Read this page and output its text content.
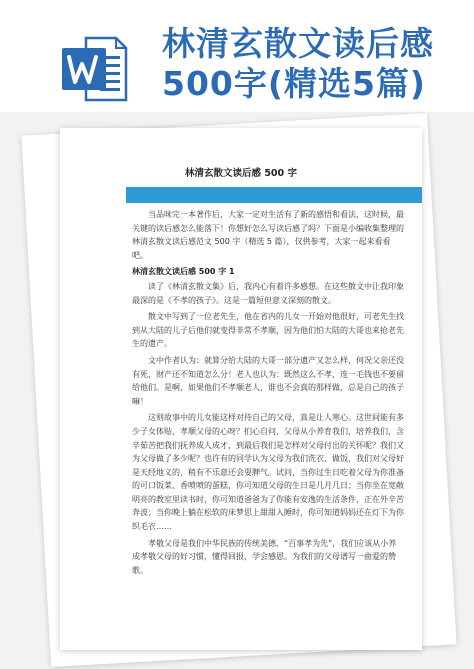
林清玄散文读后感
500字(精选5篇)
林清玄散文读后感 500 字

当品味完一本著作后，大家一定对生活有了新的感悟和看法，这时候，最关键的读后感怎么能落下！你想好怎么写读后感了吗？下面是小编收集整理的林清玄散文读后感范文 500 字（精选 5 篇），仅供参考，大家一起来看看吧。

林清玄散文读后感 500 字 1

读了《林清玄散文集》后，我内心有着许多感想。在这些散文中让我印象最深的是《不孝的孩子》。这是一篇短但意义深刻的散文。

散文中写到了一位老先生，他在省内的儿女一开始对他很好，可老先生找到从大陆的儿子后他们就变得非常不孝顺，因为他们怕大陆的大哥也来抢老先生的遗产。

文中作者认为：就算分给大陆的大哥一部分遗产又怎么样，何况父亲还没有死，财产还不知道怎么分！老人也认为：既然这么不孝，连一毛钱也不要留给他们。是啊，如果他们不孝顺老人，谁也不会真的那样做，总是自己的孩子嘛！

这则故事中的儿女能这样对待自己的父母，真是让人寒心。这世间能有多少子女体贴，孝顺父母的心呀？扪心自问，父母从小养育我们，培养我们，含辛茹苦把我们抚养成人成才，到最后我们是怎样对父母付出的关怀呢？我们又为父母做了多少呢？也许有的同学认为父母为我们洗衣、做饭，我们对父母好是天经地义的，稍有不乐意还会耍脾气。试问，当你过生日吃着父母为你准备的可口饭菜、香喷喷的蛋糕，你可知道父母的生日是几月几日；当你坐在宽敞明亮的教室里读书时，你可知道爸爸为了你能有安逸的生活条件，正在外辛苦奔波；当你晚上躺在松软的床梦思上甜甜入睡时，你可知道妈妈还在灯下为你织毛衣……

孝敬父母是我们中华民族的传统美德，“百事孝为先”，我们应该从小养成孝敬父母的好习惯，懂得回报，学会感恩。为我们的父母谱写一曲爱的赞歌。
